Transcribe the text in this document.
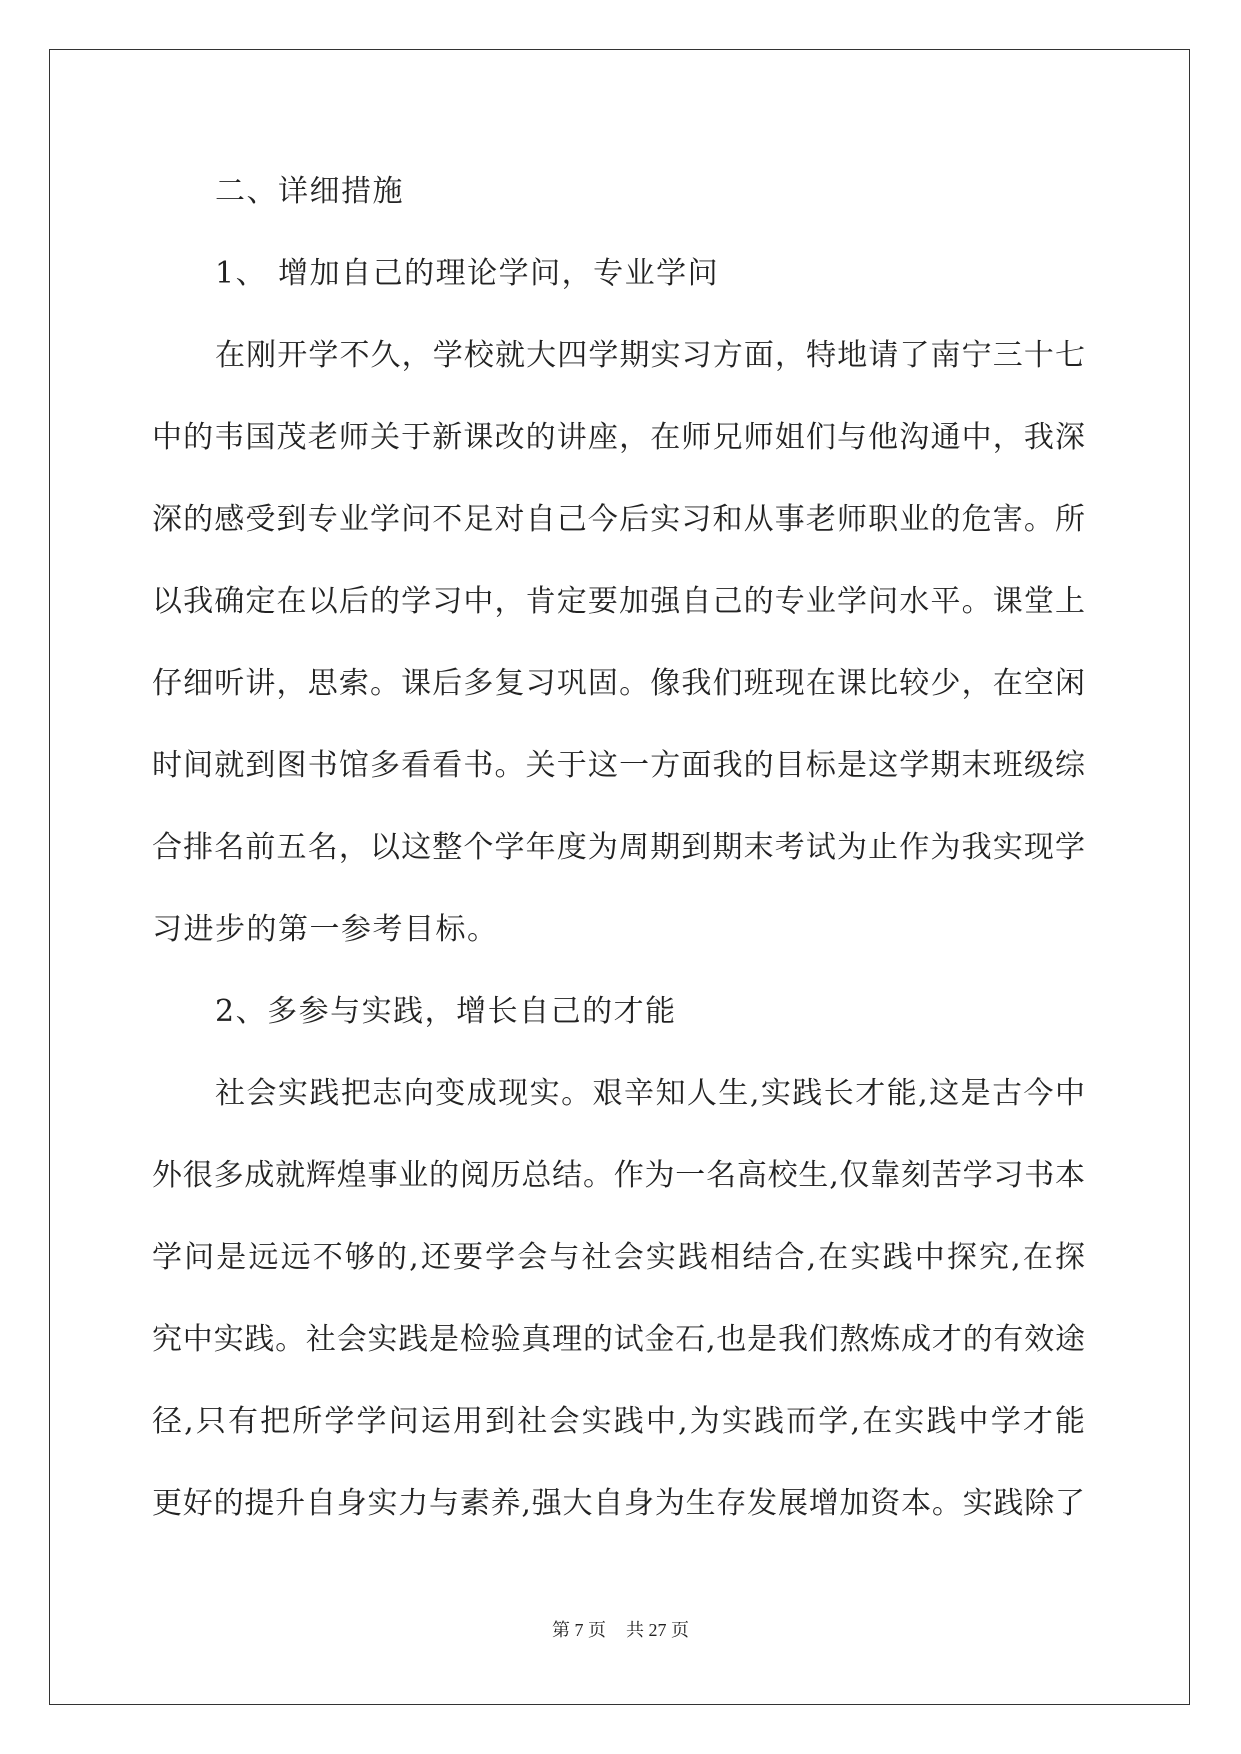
二、详细措施
1、 增加自己的理论学问，专业学问
在刚开学不久，学校就大四学期实习方面，特地请了南宁三十七
中的韦国茂老师关于新课改的讲座，在师兄师姐们与他沟通中，我深
深的感受到专业学问不足对自己今后实习和从事老师职业的危害。所
以我确定在以后的学习中，肯定要加强自己的专业学问水平。课堂上
仔细听讲，思索。课后多复习巩固。像我们班现在课比较少，在空闲
时间就到图书馆多看看书。关于这一方面我的目标是这学期末班级综
合排名前五名，以这整个学年度为周期到期末考试为止作为我实现学
习进步的第一参考目标。
2、多参与实践，增长自己的才能
社会实践把志向变成现实。艰辛知人生,实践长才能,这是古今中
外很多成就辉煌事业的阅历总结。作为一名高校生,仅靠刻苦学习书本
学问是远远不够的,还要学会与社会实践相结合,在实践中探究,在探
究中实践。社会实践是检验真理的试金石,也是我们熬炼成才的有效途
径,只有把所学学问运用到社会实践中,为实践而学,在实践中学才能
更好的提升自身实力与素养,强大自身为生存发展增加资本。实践除了
第 7 页 共 27 页
